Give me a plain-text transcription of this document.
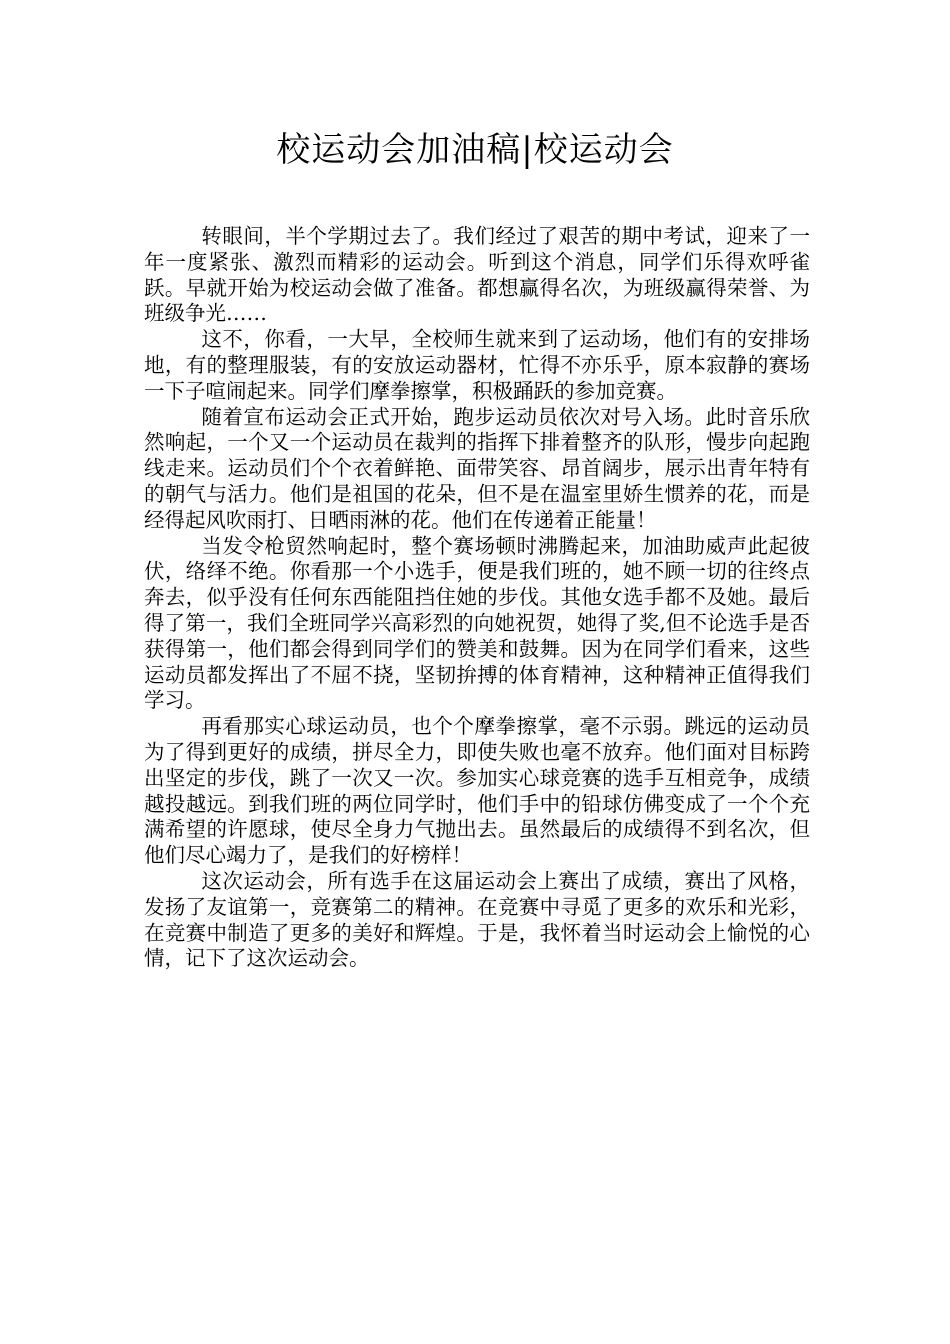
校运动会加油稿|校运动会

转眼间，半个学期过去了。我们经过了艰苦的期中考试，迎来了一年一度紧张、激烈而精彩的运动会。听到这个消息，同学们乐得欢呼雀跃。早就开始为校运动会做了准备。都想赢得名次，为班级赢得荣誉、为班级争光……

这不，你看，一大早，全校师生就来到了运动场，他们有的安排场地，有的整理服装，有的安放运动器材，忙得不亦乐乎，原本寂静的赛场一下子喧闹起来。同学们摩拳擦掌，积极踊跃的参加竞赛。

随着宣布运动会正式开始，跑步运动员依次对号入场。此时音乐欣然响起，一个又一个运动员在裁判的指挥下排着整齐的队形，慢步向起跑线走来。运动员们个个衣着鲜艳、面带笑容、昂首阔步，展示出青年特有的朝气与活力。他们是祖国的花朵，但不是在温室里娇生惯养的花，而是经得起风吹雨打、日晒雨淋的花。他们在传递着正能量！

当发令枪贸然响起时，整个赛场顿时沸腾起来，加油助威声此起彼伏，络绎不绝。你看那一个小选手，便是我们班的，她不顾一切的往终点奔去，似乎没有任何东西能阻挡住她的步伐。其他女选手都不及她。最后得了第一，我们全班同学兴高彩烈的向她祝贺，她得了奖,但不论选手是否获得第一，他们都会得到同学们的赞美和鼓舞。因为在同学们看来，这些运动员都发挥出了不屈不挠，坚韧拚搏的体育精神，这种精神正值得我们学习。

再看那实心球运动员，也个个摩拳擦掌，毫不示弱。跳远的运动员为了得到更好的成绩，拼尽全力，即使失败也毫不放弃。他们面对目标跨出坚定的步伐，跳了一次又一次。参加实心球竞赛的选手互相竞争，成绩越投越远。到我们班的两位同学时，他们手中的铅球仿佛变成了一个个充满希望的许愿球，使尽全身力气抛出去。虽然最后的成绩得不到名次，但他们尽心竭力了，是我们的好榜样！

这次运动会，所有选手在这届运动会上赛出了成绩，赛出了风格，发扬了友谊第一，竞赛第二的精神。在竞赛中寻觅了更多的欢乐和光彩，在竞赛中制造了更多的美好和辉煌。于是，我怀着当时运动会上愉悦的心情，记下了这次运动会。
